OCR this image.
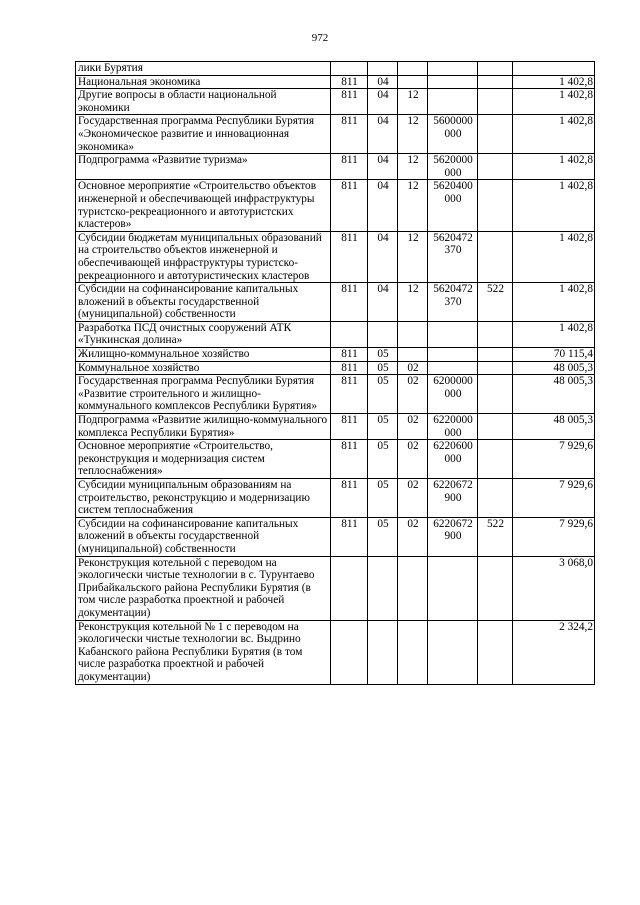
972
лики Бурятия						
Национальная экономика	811	04				1 402,8
Другие вопросы в области национальной экономики	811	04	12			1 402,8
Государственная программа Республики Бурятия «Экономическое развитие и инновационная экономика»	811	04	12	5600000 000		1 402,8
Подпрограмма «Развитие туризма»	811	04	12	5620000 000		1 402,8
Основное мероприятие «Строительство объектов инженерной и обеспечивающей инфраструктуры туристско-рекреационного и автотуристских кластеров»	811	04	12	5620400 000		1 402,8
Субсидии бюджетам муниципальных образований на строительство объектов инженерной и обеспечивающей инфраструктуры туристско-рекреационного и автотуристических кластеров	811	04	12	5620472 370		1 402,8
Субсидии на софинансирование капитальных вложений в объекты государственной (муниципальной) собственности	811	04	12	5620472 370	522	1 402,8
Разработка ПСД очистных сооружений АТК «Тункинская долина»						1 402,8
Жилищно-коммунальное хозяйство	811	05				70 115,4
Коммунальное хозяйство	811	05	02			48 005,3
Государственная программа Республики Бурятия «Развитие строительного и жилищно-коммунального комплексов Республики Бурятия»	811	05	02	6200000 000		48 005,3
Подпрограмма «Развитие жилищно-коммунального комплекса Республики Бурятия»	811	05	02	6220000 000		48 005,3
Основное мероприятие «Строительство, реконструкция и модернизация систем теплоснабжения»	811	05	02	6220600 000		7 929,6
Субсидии муниципальным образованиям на строительство, реконструкцию и модернизацию систем теплоснабжения	811	05	02	6220672 900		7 929,6
Субсидии на софинансирование капитальных вложений в объекты государственной (муниципальной) собственности	811	05	02	6220672 900	522	7 929,6
Реконструкция котельной с переводом на экологически чистые технологии в с. Турунтаево Прибайкальского района Республики Бурятия (в том числе разработка проектной и рабочей документации)						3 068,0
Реконструкция котельной № 1 с переводом на экологически чистые технологии вс. Выдрино Кабанского района Республики Бурятия (в том числе разработка проектной и рабочей документации)						2 324,2
